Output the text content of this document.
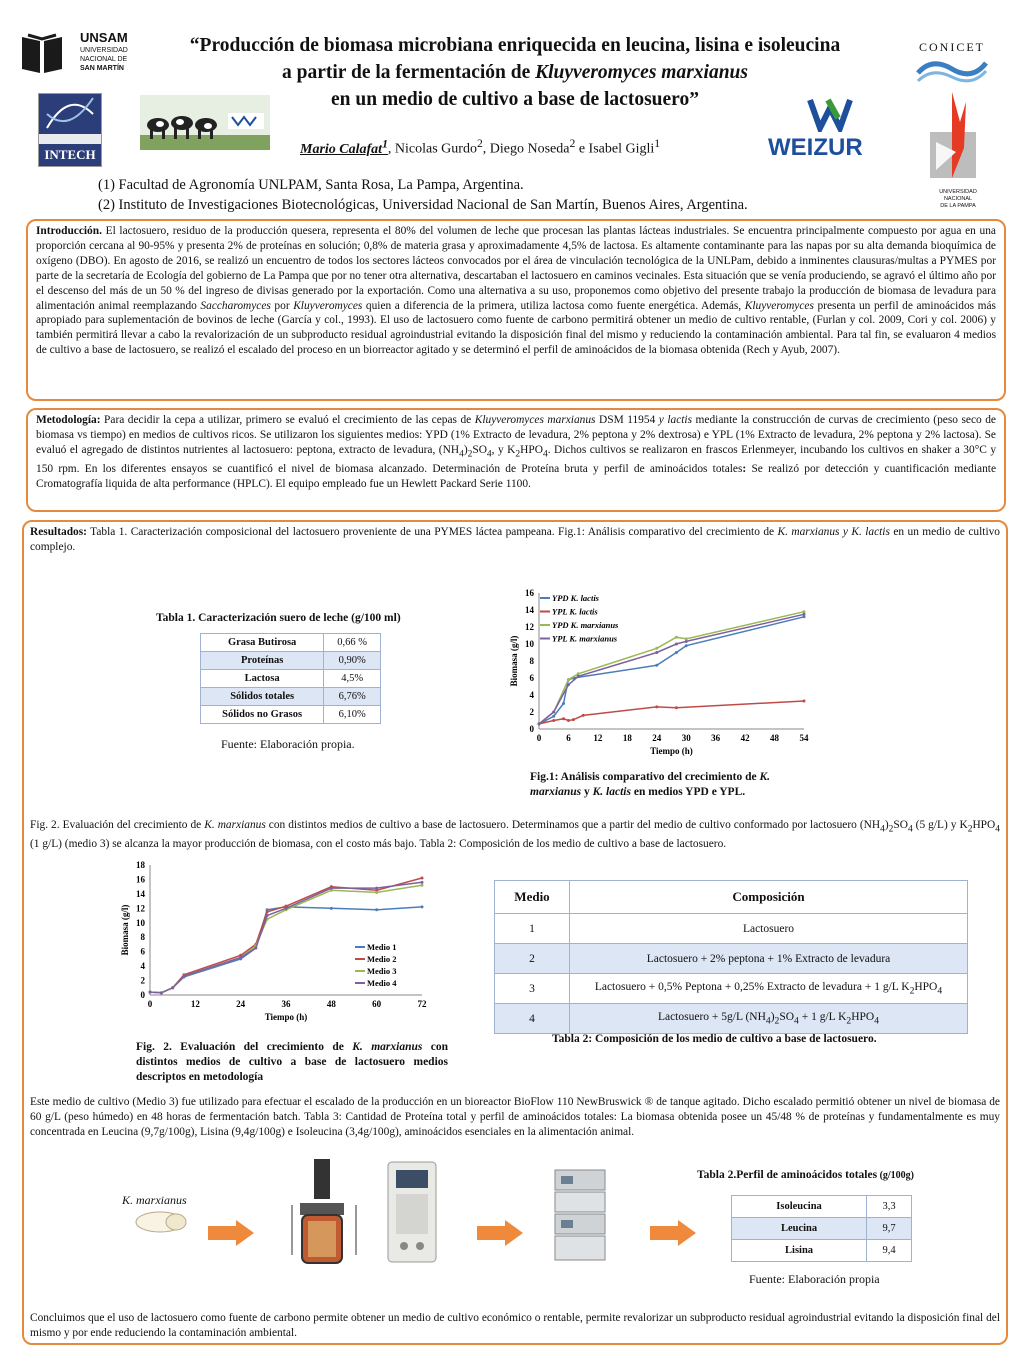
UNSAM
UNIVERSIDAD
NACIONAL DE
SAN MARTÍN
CONICET
IIB
INTECH
“Producción de biomasa microbiana enriquecida en leucina, lisina e isoleucina
a partir de la fermentación de Kluyveromyces marxianus
en un medio de cultivo a base de lactosuero”
Mario Calafat$^1$, Nicolas Gurdo$^2$, Diego Noseda$^2$ e Isabel Gigli$^1$	WEIZUR
UNIVERSIDAD NACIONAL
DE LA PAMPA
(1) Facultad de Agronomía UNLPAM, Santa Rosa, La Pampa, Argentina.
(2) Instituto de Investigaciones Biotecnológicas, Universidad Nacional de San Martín, Buenos Aires, Argentina.
Introducción. El lactosuero, residuo de la producción quesera, representa el 80% del volumen de leche que procesan las plantas lácteas industriales. Se encuentra principalmente compuesto por agua en una proporción cercana al 90-95% y presenta 2% de proteínas en solución; 0,8% de materia grasa y aproximadamente 4,5% de lactosa. Es altamente contaminante para las napas por su alta demanda bioquímica de oxígeno (DBO). En agosto de 2016, se realizó un encuentro de todos los sectores lácteos convocados por el área de vinculación tecnológica de la UNLPam, debido a inminentes clausuras/multas a PYMES por parte de la secretaría de Ecología del gobierno de La Pampa que por no tener otra alternativa, descartaban el lactosuero en caminos vecinales. Esta situación que se venía produciendo, se agravó el último año por el descenso del más de un 50 % del ingreso de divisas generado por la exportación. Como una alternativa a su uso, proponemos como objetivo del presente trabajo la producción de biomasa de levadura para alimentación animal reemplazando Saccharomyces por Kluyveromyces quien a diferencia de la primera, utiliza lactosa como fuente energética. Además, Kluyveromyces presenta un perfil de aminoácidos más apropiado para suplementación de bovinos de leche (García y col., 1993). El uso de lactosuero como fuente de carbono permitirá obtener un medio de cultivo rentable, (Furlan y col. 2009, Cori y col. 2006) y también permitirá llevar a cabo la revalorización de un subproducto residual agroindustrial evitando la disposición final del mismo y reduciendo la contaminación ambiental. Para tal fin, se evaluaron 4 medios de cultivo a base de lactosuero, se realizó el escalado del proceso en un biorreactor agitado y se determinó el perfil de aminoácidos de la biomasa obtenida (Rech y Ayub, 2007).
Metodología: Para decidir la cepa a utilizar, primero se evaluó el crecimiento de las cepas de Kluyveromyces marxianus DSM 11954 y lactis mediante la construcción de curvas de crecimiento (peso seco de biomasa vs tiempo) en medios de cultivos ricos. Se utilizaron los siguientes medios: YPD (1% Extracto de levadura, 2% peptona y 2% dextrosa) e YPL (1% Extracto de levadura, 2% peptona y 2% lactosa). Se evaluó el agregado de distintos nutrientes al lactosuero: peptona, extracto de levadura, $(NH_4)_2SO_4$, y $K_2HPO_4$. Dichos cultivos se realizaron en frascos Erlenmeyer, incubando los cultivos en shaker a 30°C y 150 rpm. En los diferentes ensayos se cuantificó el nivel de biomasa alcanzado. Determinación de Proteína bruta y perfil de aminoácidos totales: Se realizó por detección y cuantificación mediante Cromatografía liquida de alta performance (HPLC). El equipo empleado fue un Hewlett Packard Serie 1100.
Resultados: Tabla 1. Caracterización composicional del lactosuero proveniente de una PYMES láctea pampeana. Fig.1: Análisis comparativo del crecimiento de K. marxianus y K. lactis en un medio de cultivo complejo.
Tabla 1. Caracterización suero de leche (g/100 ml)
Grasa Butirosa	0,66 %
Proteínas	0,90%
Lactosa	4,5%
Sólidos totales	6,76%
Sólidos no Grasos	6,10%
Fuente: Elaboración propia.
0
2
4
6
8
10
12
14
16
0	6	12 18 24 30 36 42 48 54
Tiempo (h)
Biomasa (g/l)
YPD K. lactis
YPL K. lactis
YPD K. marxianus
YPL K. marxianus
Fig.1: Análisis comparativo del crecimiento de K. marxianus y K. lactis en medios YPD e YPL.
Fig. 2. Evaluación del crecimiento de K. marxianus con distintos medios de cultivo a base de lactosuero. Determinamos que a partir del medio de cultivo conformado por lactosuero $(NH_4)_2SO_4$ (5 g/L) y $K_2HPO_4$ (1 g/L) (medio 3) se alcanza la mayor producción de biomasa, con el costo más bajo. Tabla 2: Composición de los medio de cultivo a base de lactosuero.
0
2
4
6
8
10
12
14
16
18
0	12	24	36	48	60	72
Tiempo (h)
Biomasa (g/l)	Medio 1
Medio 2
Medio 3
Medio 4
Fig. 2. Evaluación del crecimiento de K. marxianus con distintos medios de cultivo a base de lactosuero medios descriptos en metodología
Medio	Composición
1	Lactosuero
2	Lactosuero + 2% peptona + 1% Extracto de levadura
3	Lactosuero + 0,5% Peptona + 0,25% Extracto de levadura + 1 g/L $K_2HPO_4$
4	Lactosuero + 5g/L $(NH_4)_2SO_4 + 1$ g/L $K_2HPO_4$
Tabla 2: Composición de los medio de cultivo a base de lactosuero.
Este medio de cultivo (Medio 3) fue utilizado para efectuar el escalado de la producción en un bioreactor BioFlow 110 NewBruswick ® de tanque agitado. Dicho escalado permitió obtener un nivel de biomasa de 60 g/L (peso húmedo) en 48 horas de fermentación batch. Tabla 3: Cantidad de Proteína total y perfil de aminoácidos totales: La biomasa obtenida posee un 45/48 % de proteínas y fundamentalmente es muy concentrada en Leucina (9,7g/100g), Lisina (9,4g/100g) e Isoleucina (3,4g/100g), aminoácidos esenciales en la alimentación animal.
K. marxianus
Tabla 2.Perfil de aminoácidos totales (g/100g)
Isoleucina	3,3
Leucina	9,7
Lisina	9,4
Fuente: Elaboración propia
Concluimos que el uso de lactosuero como fuente de carbono permite obtener un medio de cultivo económico o rentable, permite revalorizar un subproducto residual agroindustrial evitando la disposición final del mismo y por ende reduciendo la contaminación ambiental.
